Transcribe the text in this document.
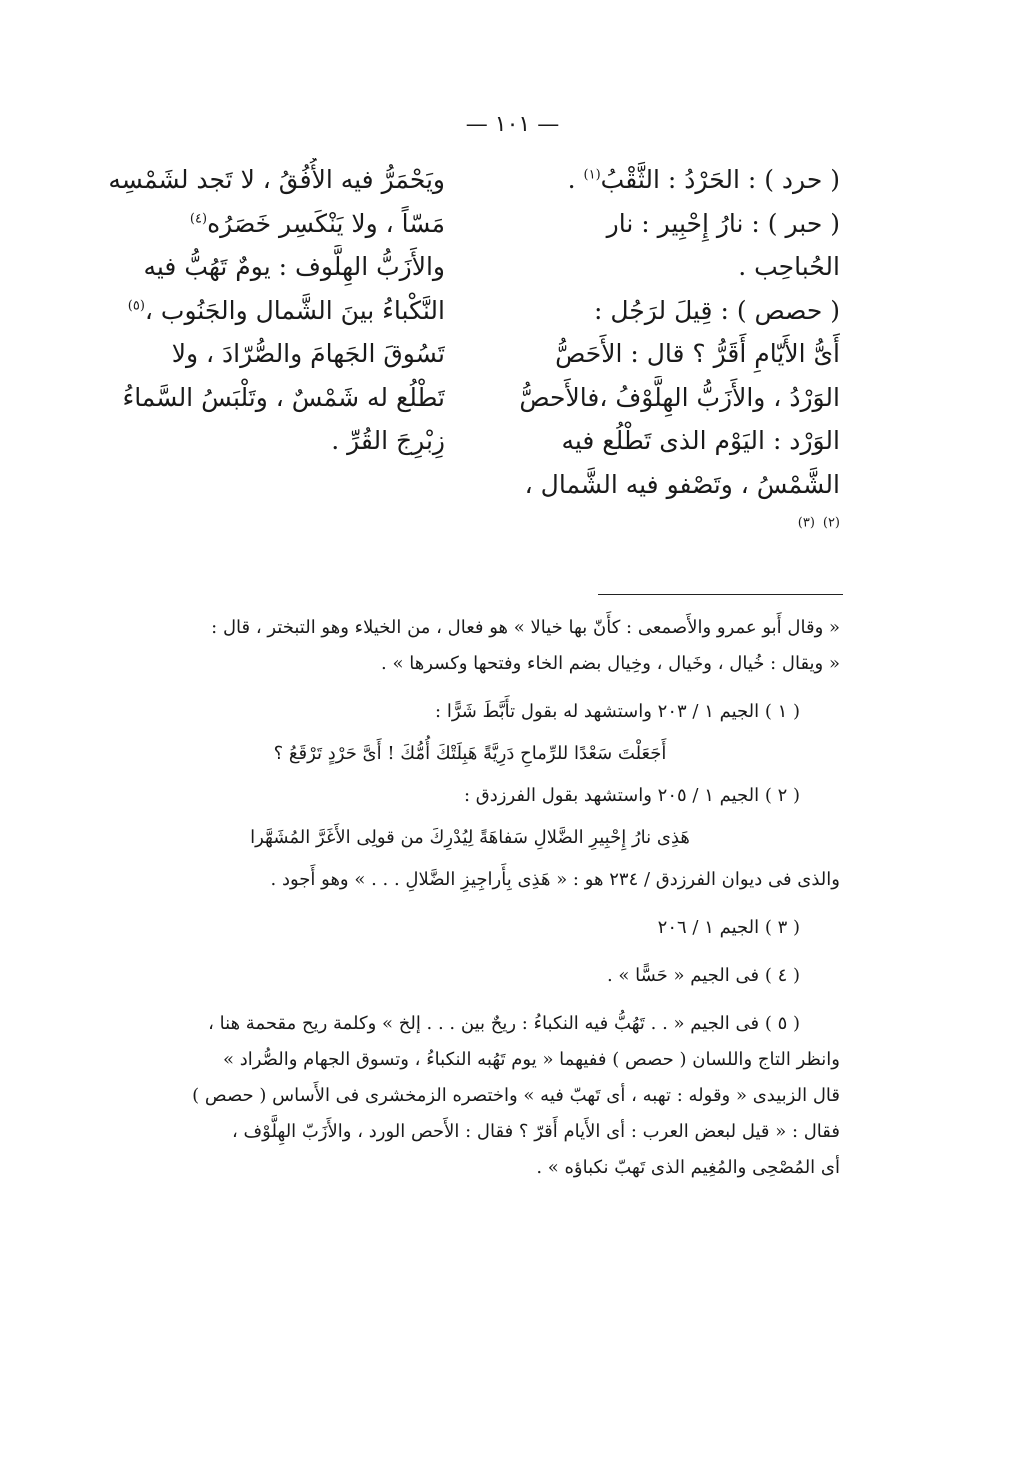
— ١٠١ —
( حرد ) : الحَرْدُ : الثَّقْبُ$^{(١)}$ .
( حبر ) : نارُ إِحْبِير : نار
الحُباحِب .
( حصص ) : قِيلَ لرَجُل :
أَىُّ الأَيّامِ أَقَرُّ ؟ قال : الأَحَصُّ
الوَرْدُ ، والأَزَبُّ الهِلَّوْفُ ،فالأَحصُّ
الوَرْد : اليَوْم الذى تَطْلُع فيه
الشَّمْسُ ، وتَصْفو فيه الشَّمال ،
$^{(٢)}$ $^{(٣)}$
ويَحْمَرُّ فيه الأُفُقُ ، لا تَجد لشَمْسِه
مَسّاً ، ولا يَنْكَسِر خَصَرُه$^{(٤)}$
والأَزَبُّ الهِلَّوف : يومٌ تَهُبُّ فيه
النَّكْباءُ بينَ الشَّمال والجَنُوب ،$^{(٥)}$
تَسُوقَ الجَهامَ والصُّرّادَ ، ولا
تَطْلُع له شَمْسٌ ، وتَلْبَسُ السَّماءُ
زِبْرِجَ القُرِّ .
« وقال أَبو عمرو والأَصمعى : كأَنّ بها خيالا » هو فعال ، من الخيلاء وهو التبختر ، قال :
« ويقال : خُيال ، وخَيال ، وخِيال بضم الخاء وفتحها وكسرها » .
( ١ ) الجيم ١ / ٢٠٣ واستشهد له بقول تأَبَّطَ شَرًّا :
أَجَعَلْتَ سَعْدًا للرِّماحِ دَرِيَّةً هَبِلَتْكَ أُمُّكَ ! أَىَّ حَرْدٍ تَرْقَعُ ؟
( ٢ ) الجيم ١ / ٢٠٥ واستشهد بقول الفرزدق :
هَذِى نارُ إِحْبِيرِ الضَّلالِ سَفاهَةً لِيُدْرِكَ من قولِى الأَغَرَّ المُشَهَّرا
والذى فى ديوان الفرزدق / ٢٣٤ هو : « هَذِى بِأَراجِيزِ الضَّلالِ . . . » وهو أَجود .
( ٣ ) الجيم ١ / ٢٠٦
( ٤ ) فى الجيم « حَسًّا » .
( ٥ ) فى الجيم « . . تَهُبُّ فيه النكباءُ : ريحٌ بين . . . إلخ » وكلمة ريح مقحمة هنا ،
وانظر التاج واللسان ( حصص ) ففيهما « يوم تَهُبه النكباءُ ، وتسوق الجهام والصُّراد »
قال الزبيدى « وقوله : تهبه ، أى تَهبّ فيه » واختصره الزمخشرى فى الأَساس ( حصص )
فقال : « قيل لبعض العرب : أى الأَيام أَقرّ ؟ فقال : الأَحص الورد ، والأَزَبّ الهِلَّوْف ،
أى المُصْحِى والمُغِيم الذى تَهبّ نكباؤه » .
